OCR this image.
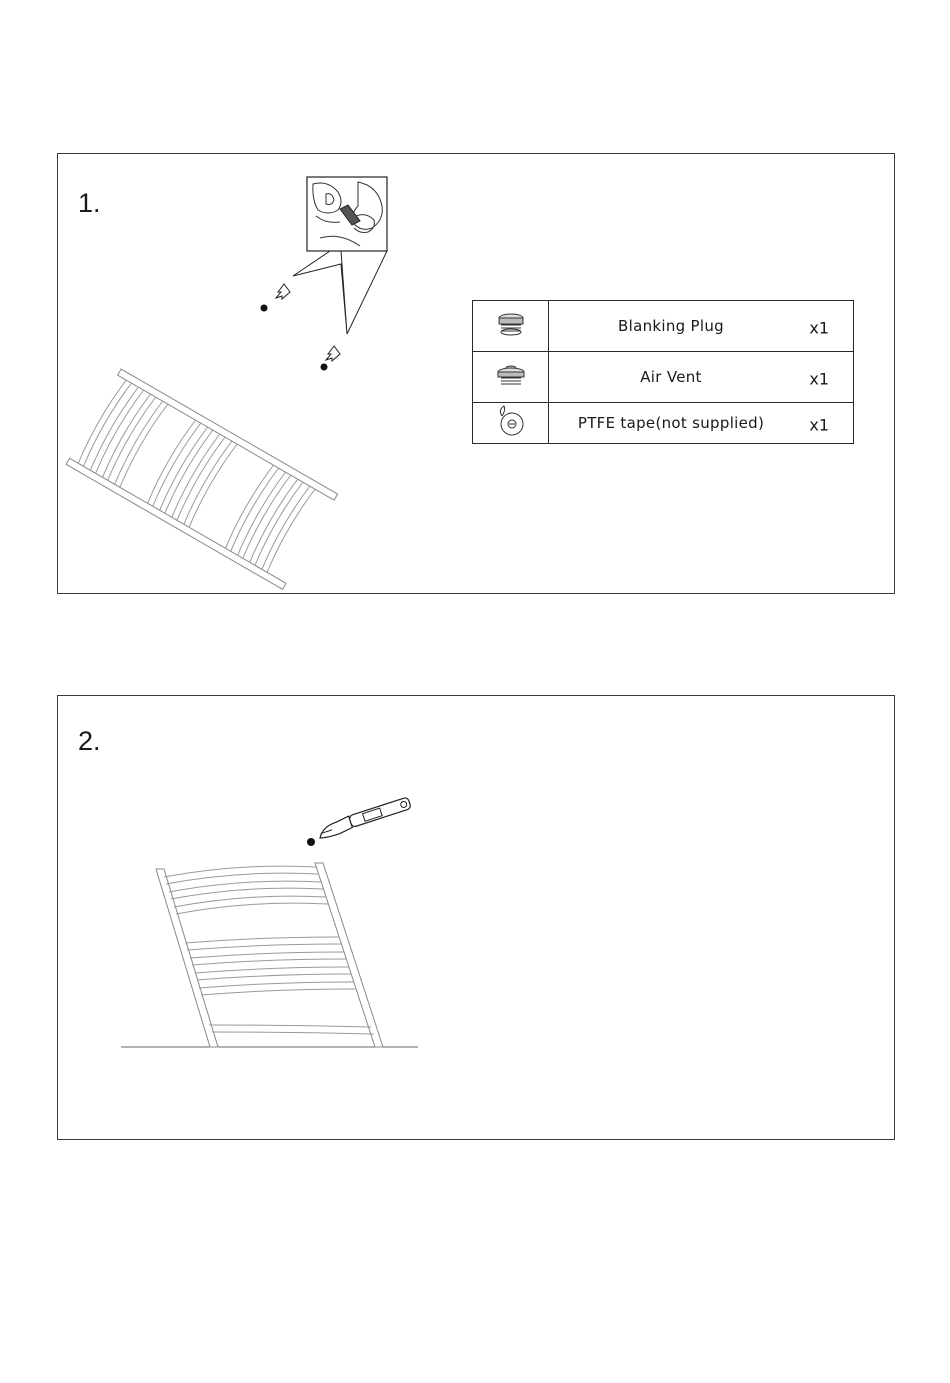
1.

Blanking Plug x1

Air Vent x1

PTFE tape(not supplied) x1
2.
